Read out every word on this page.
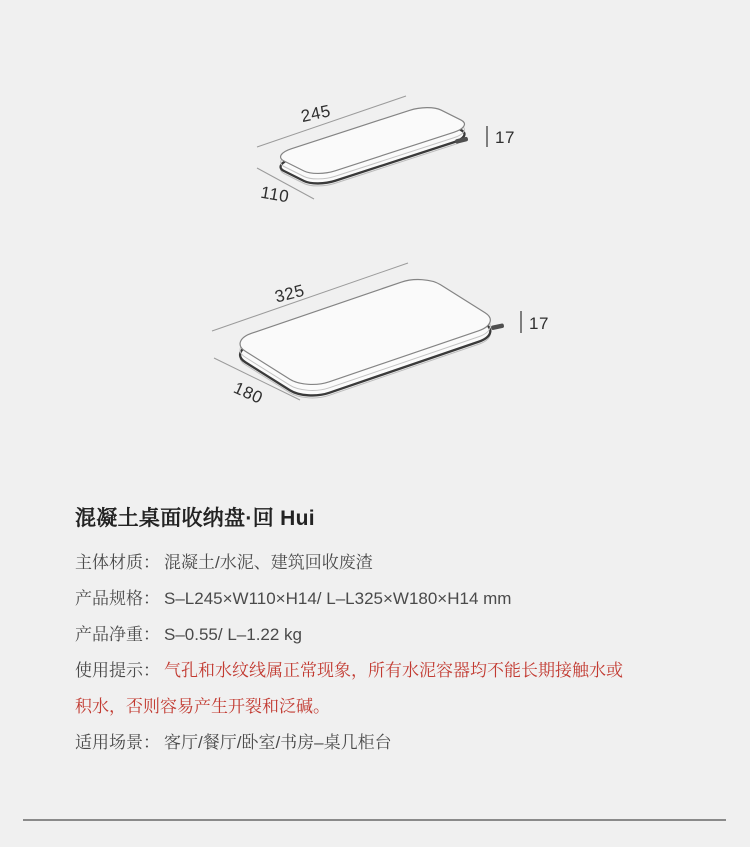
245
110
17
325
180
17
混凝土桌面收纳盘·回 Hui
主体材质： 混凝土/水泥、建筑回收废渣
产品规格： S–L245×W110×H14/ L–L325×W180×H14 mm
产品净重： S–0.55/ L–1.22 kg
使用提示： 气孔和水纹线属正常现象，所有水泥容器均不能长期接触水或
积水，否则容易产生开裂和泛碱。
适用场景： 客厅/餐厅/卧室/书房–桌几柜台
